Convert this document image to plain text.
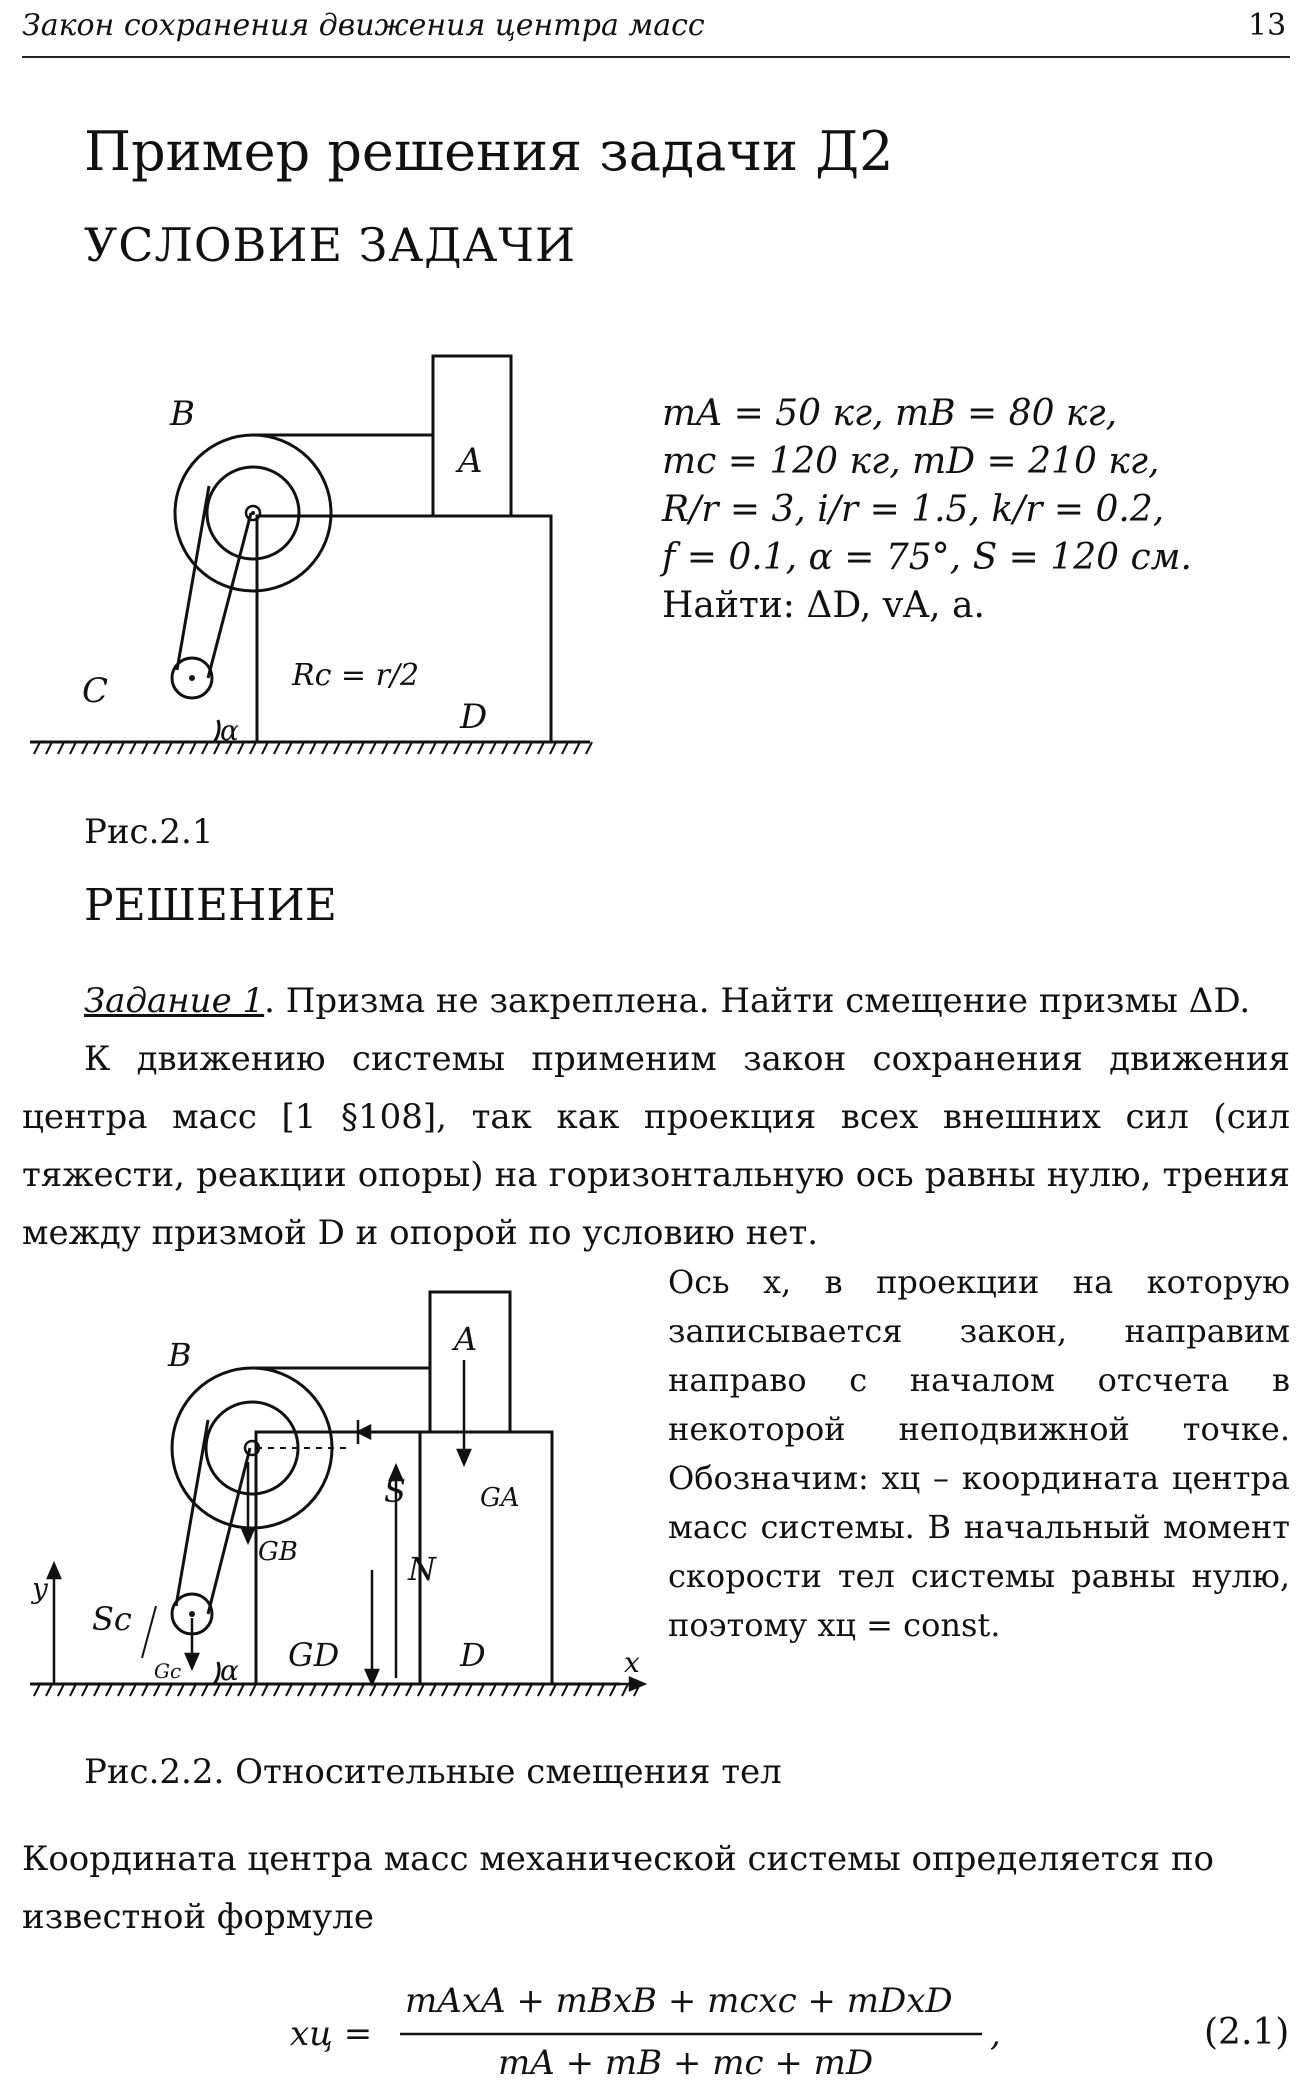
Закон сохранения движения центра масс	13
Пример решения задачи Д2
УСЛОВИЕ ЗАДАЧИ
B
A
C
D
Rc = r/2
α
mA = 50 кг, mB = 80 кг,
mc = 120 кг, mD = 210 кг,
R/r = 3, i/r = 1.5, k/r = 0.2,
f = 0.1, α = 75°, S = 120 см.
Найти: ΔD, vA, a.
Рис.2.1
РЕШЕНИЕ
Задание 1. Призма не закреплена. Найти смещение призмы ΔD.
К движению системы применим закон сохранения движения центра масс [1 §108], так как проекция всех внешних сил (сил тяжести, реакции опоры) на горизонтальную ось равны нулю, трения между призмой D и опорой по условию нет.
B	A
S	GA
GB	N
y
Sc
Gc α GD	D	x
Ось x, в проекции на которую записывается закон, направим направо с началом отсчета в некоторой неподвижной точке. Обозначим: xц – координата центра масс системы. В начальный момент скорости тел системы равны нулю, поэтому xц = const.
Рис.2.2. Относительные смещения тел
Координата центра масс механической системы определяется по известной формуле
xц =
mAxA + mBxB + mcxc + mDxD
mA + mB + mc + mD
,	(2.1)
